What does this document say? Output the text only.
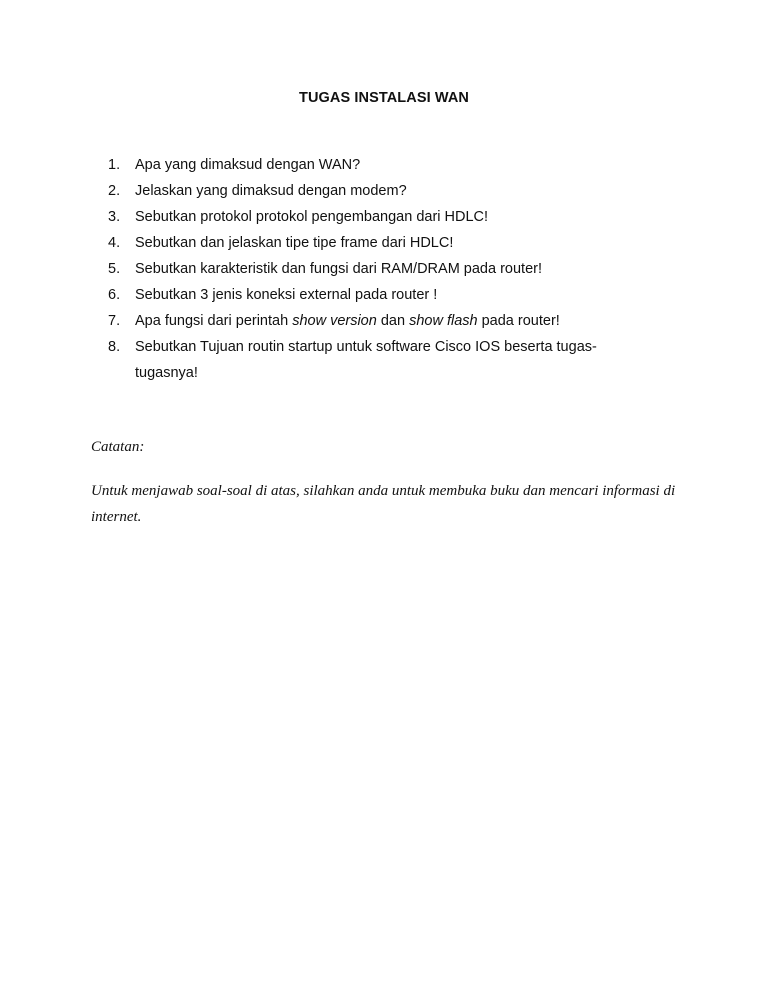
TUGAS INSTALASI WAN
1.	Apa yang dimaksud dengan WAN?
2.	Jelaskan yang dimaksud dengan modem?
3.	Sebutkan protokol protokol pengembangan dari HDLC!
4.	Sebutkan dan jelaskan tipe tipe frame dari HDLC!
5.	Sebutkan karakteristik dan fungsi dari RAM/DRAM pada router!
6.	Sebutkan 3 jenis koneksi external pada router !
7.	Apa fungsi dari perintah show version dan show flash pada router!
8.	Sebutkan Tujuan routin startup untuk software Cisco IOS beserta tugas-tugasnya!
Catatan:
Untuk menjawab soal-soal di atas, silahkan anda untuk membuka buku dan mencari informasi di
internet.
